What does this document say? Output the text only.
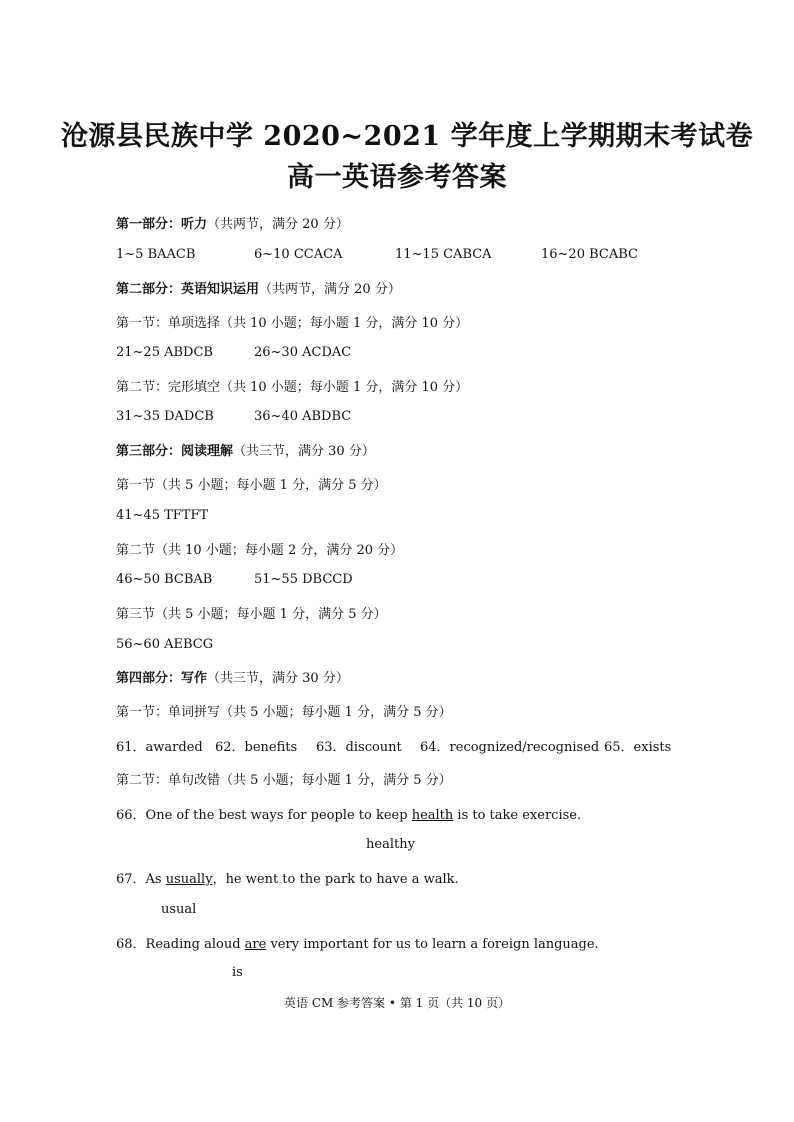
沧源县民族中学 2020~2021 学年度上学期期末考试卷
高一英语参考答案
第一部分：听力（共两节，满分 20 分）
1~5 BAACB	6~10 CCACA	11~15 CABCA	16~20 BCABC
第二部分：英语知识运用（共两节，满分 20 分）
第一节：单项选择（共 10 小题；每小题 1 分，满分 10 分）
21~25 ABDCB	26~30 ACDAC
第二节：完形填空（共 10 小题；每小题 1 分，满分 10 分）
31~35 DADCB	36~40 ABDBC
第三部分：阅读理解（共三节，满分 30 分）
第一节（共 5 小题；每小题 1 分，满分 5 分）
41~45 TFTFT
第二节（共 10 小题；每小题 2 分，满分 20 分）
46~50 BCBAB	51~55 DBCCD
第三节（共 5 小题；每小题 1 分，满分 5 分）
56~60 AEBCG
第四部分：写作（共三节，满分 30 分）
第一节：单词拼写（共 5 小题；每小题 1 分，满分 5 分）
61．awarded 62．benefits 63．discount 64．recognized/recognised 65．exists
第二节：单句改错（共 5 小题；每小题 1 分，满分 5 分）
66．One of the best ways for people to keep health is to take exercise.
healthy
67．As usually，he went to the park to have a walk.
usual
68．Reading aloud are very important for us to learn a foreign language.
is
英语 CM 参考答案 • 第 1 页（共 10 页）
